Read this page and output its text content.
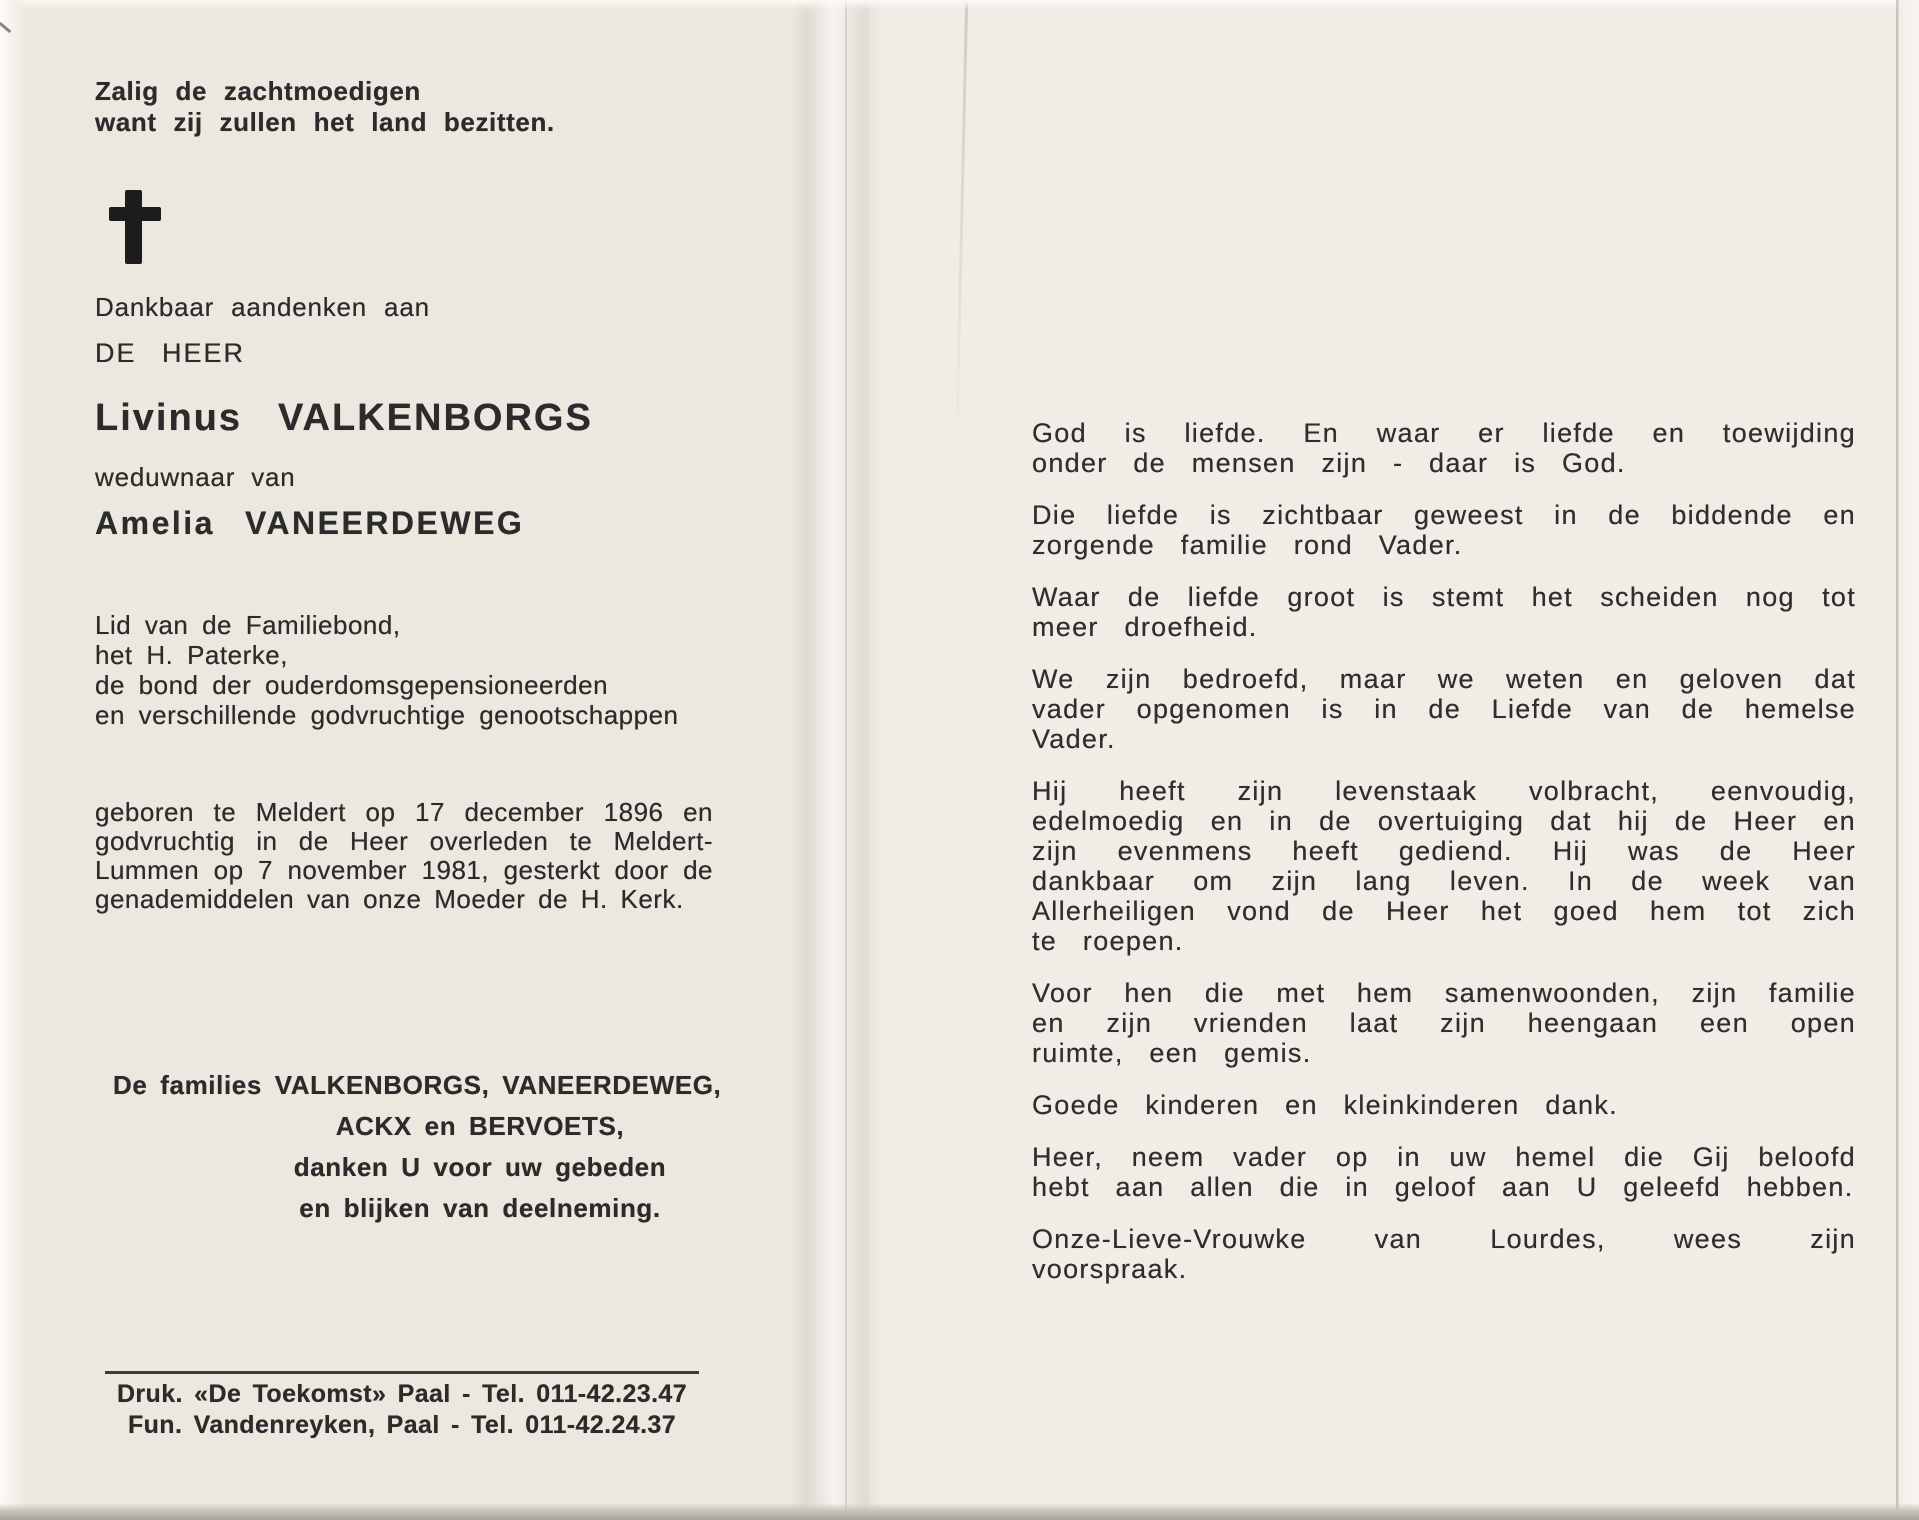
Zalig de zachtmoedigen
want zij zullen het land bezitten.
Dankbaar aandenken aan
DE HEER
Livinus VALKENBORGS
weduwnaar van
Amelia VANEERDEWEG
Lid van de Familiebond,
het H. Paterke,
de bond der ouderdomsgepensioneerden
en verschillende godvruchtige genootschappen
geboren te Meldert op 17 december 1896 en godvruchtig in de Heer overleden te Meldert-Lummen op 7 november 1981, gesterkt door de genademiddelen van onze Moeder de H. Kerk.
De families VALKENBORGS, VANEERDEWEG,
ACKX en BERVOETS,
danken U voor uw gebeden
en blijken van deelneming.
Druk. «De Toekomst» Paal - Tel. 011-42.23.47
Fun. Vandenreyken, Paal - Tel. 011-42.24.37

God is liefde. En waar er liefde en toewijding onder de mensen zijn - daar is God.

Die liefde is zichtbaar geweest in de biddende en zorgende familie rond Vader.

Waar de liefde groot is stemt het scheiden nog tot meer droefheid.

We zijn bedroefd, maar we weten en geloven dat vader opgenomen is in de Liefde van de hemelse Vader.

Hij heeft zijn levenstaak volbracht, eenvoudig, edelmoedig en in de overtuiging dat hij de Heer en zijn evenmens heeft gediend. Hij was de Heer dankbaar om zijn lang leven. In de week van Allerheiligen vond de Heer het goed hem tot zich te roepen.

Voor hen die met hem samenwoonden, zijn familie en zijn vrienden laat zijn heengaan een open ruimte, een gemis.

Goede kinderen en kleinkinderen dank.

Heer, neem vader op in uw hemel die Gij beloofd hebt aan allen die in geloof aan U geleefd hebben.

Onze-Lieve-Vrouwke van Lourdes, wees zijn voorspraak.
